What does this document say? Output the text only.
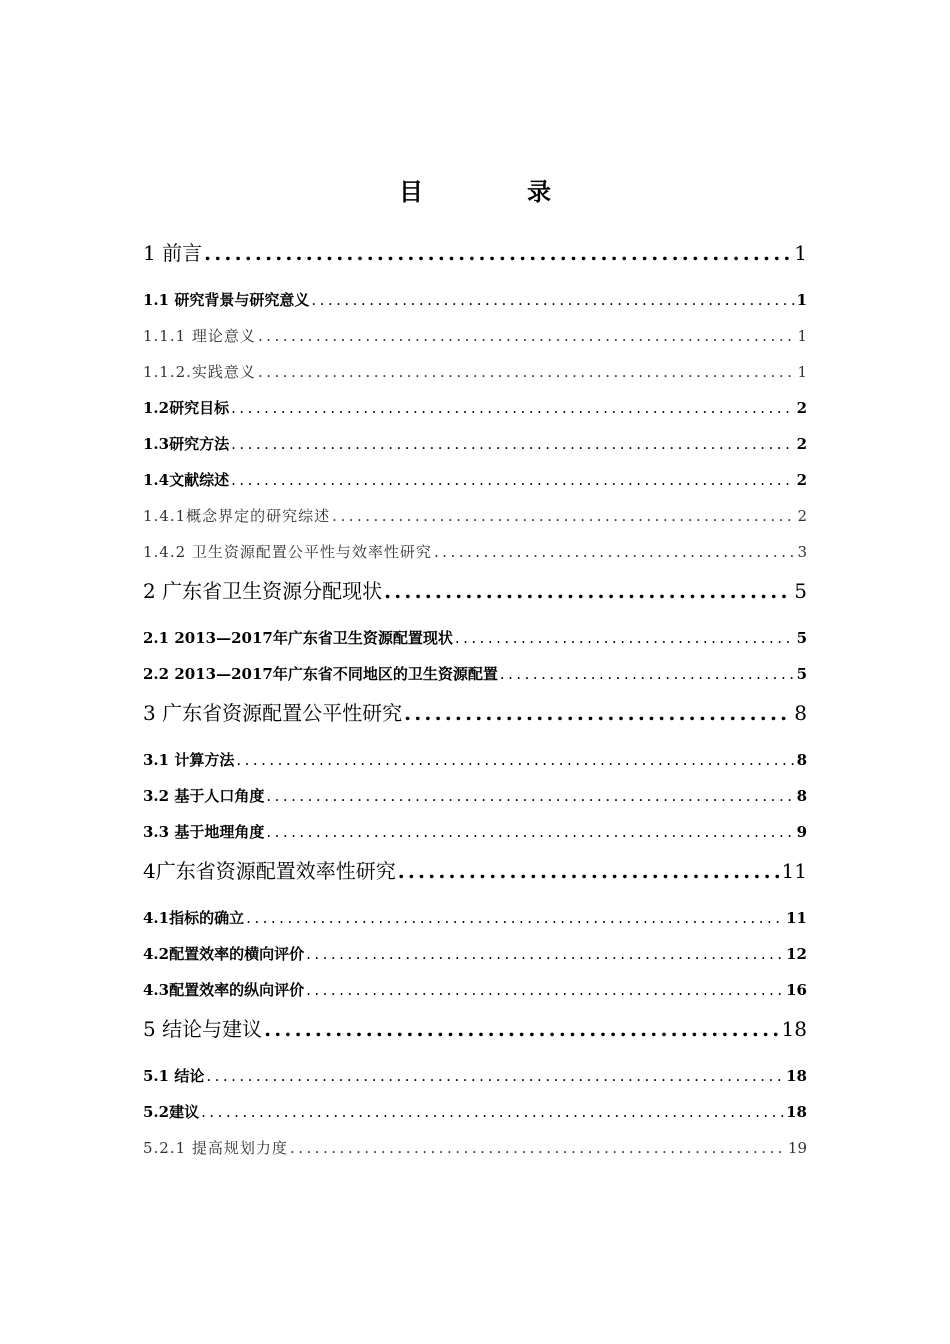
目　录
1 前言 .....	1
1.1 研究背景与研究意义 .....	1
1.1.1 理论意义 .....	1
1.1.2.实践意义 .....	1
1.2研究目标 .....	2
1.3研究方法 .....	2
1.4文献综述 .....	2
1.4.1概念界定的研究综述 .....	2
1.4.2 卫生资源配置公平性与效率性研究 .....	3
2 广东省卫生资源分配现状 .....	5
2.1 2013—2017年广东省卫生资源配置现状 .....	5
2.2 2013—2017年广东省不同地区的卫生资源配置 .....	5
3 广东省资源配置公平性研究 .....	8
3.1 计算方法 .....	8
3.2 基于人口角度 .....	8
3.3 基于地理角度 .....	9
4广东省资源配置效率性研究 .....	11
4.1指标的确立 .....	11
4.2配置效率的横向评价 .....	12
4.3配置效率的纵向评价 .....	16
5 结论与建议 .....	18
5.1 结论 .....	18
5.2建议 .....	18
5.2.1 提高规划力度 .....	19
